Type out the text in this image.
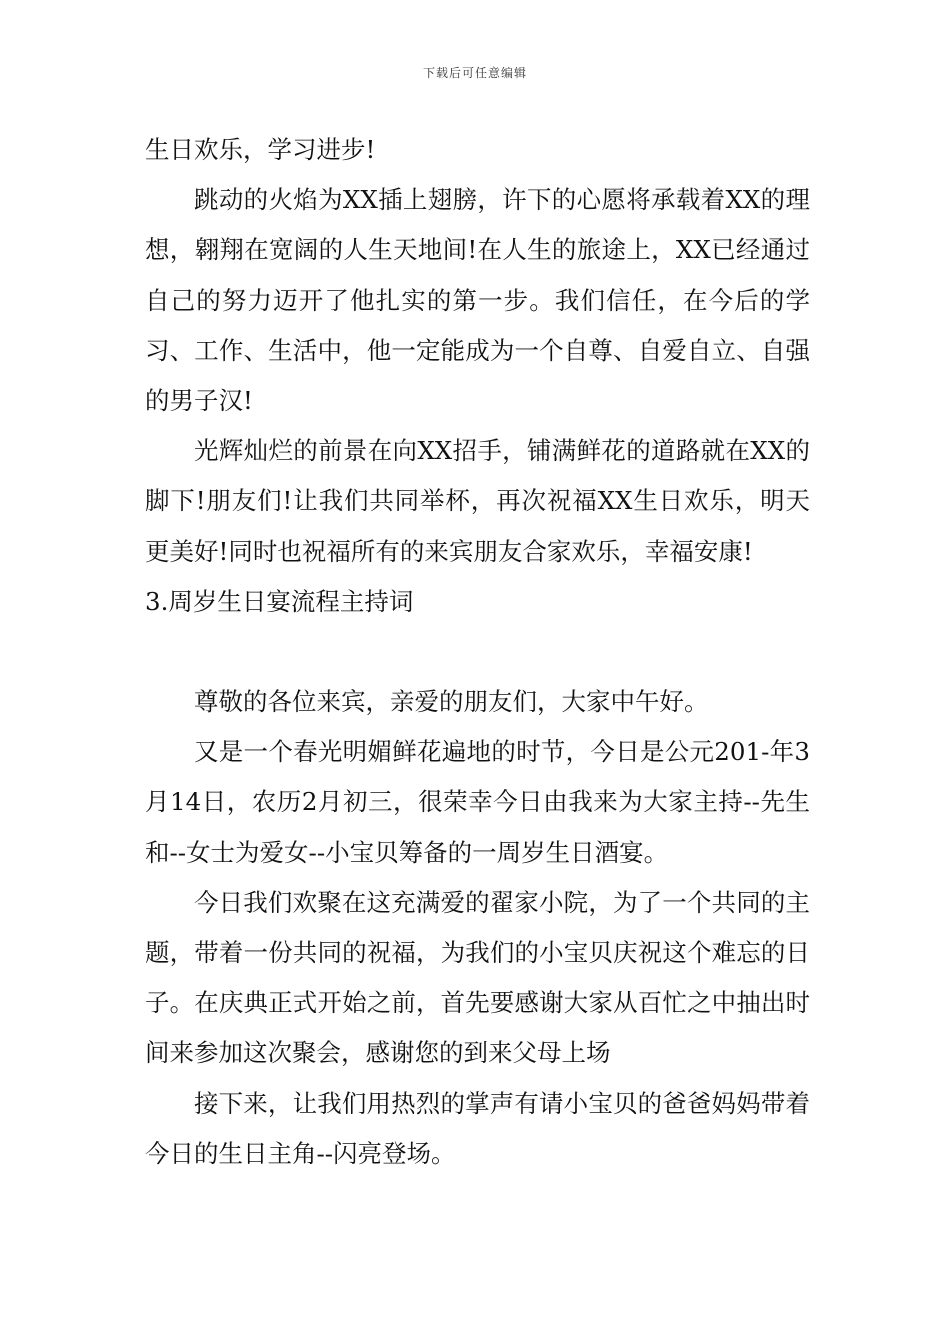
下载后可任意编辑

生日欢乐，学习进步!

跳动的火焰为XX插上翅膀，许下的心愿将承载着XX的理想，翱翔在宽阔的人生天地间!在人生的旅途上，XX已经通过自己的努力迈开了他扎实的第一步。我们信任，在今后的学习、工作、生活中，他一定能成为一个自尊、自爱自立、自强的男子汉!

光辉灿烂的前景在向XX招手，铺满鲜花的道路就在XX的脚下!朋友们!让我们共同举杯，再次祝福XX生日欢乐，明天更美好!同时也祝福所有的来宾朋友合家欢乐，幸福安康!

3.周岁生日宴流程主持词

尊敬的各位来宾，亲爱的朋友们，大家中午好。

又是一个春光明媚鲜花遍地的时节，今日是公元201-年3月14日，农历2月初三，很荣幸今日由我来为大家主持--先生和--女士为爱女--小宝贝筹备的一周岁生日酒宴。

今日我们欢聚在这充满爱的翟家小院，为了一个共同的主题，带着一份共同的祝福，为我们的小宝贝庆祝这个难忘的日子。在庆典正式开始之前，首先要感谢大家从百忙之中抽出时间来参加这次聚会，感谢您的到来父母上场

接下来，让我们用热烈的掌声有请小宝贝的爸爸妈妈带着今日的生日主角--闪亮登场。
